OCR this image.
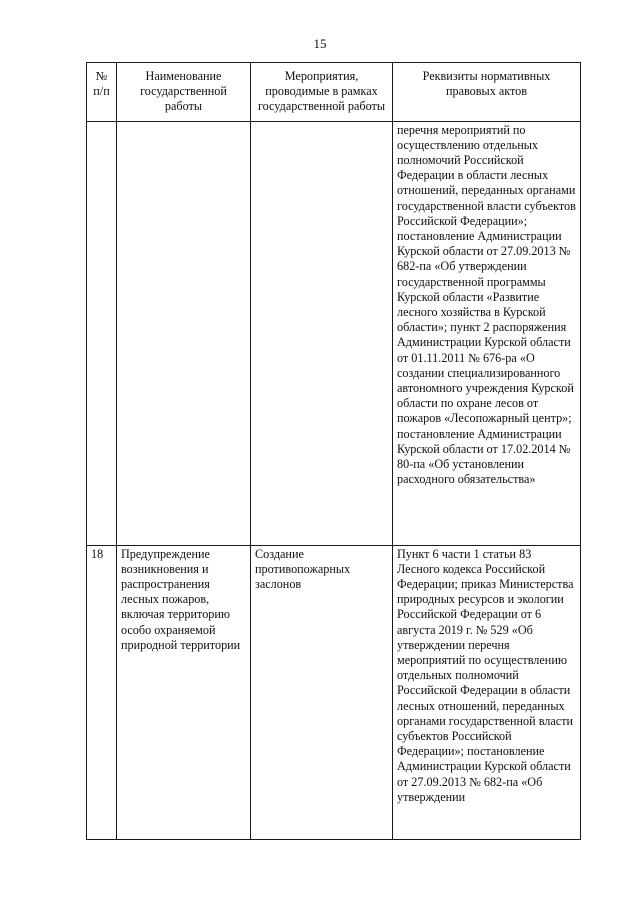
15
№ п/п	Наименование государственной работы	Мероприятия, проводимые в рамках государственной работы	Реквизиты нормативных правовых актов
			перечня мероприятий по осуществлению отдельных полномочий Российской Федерации в области лесных отношений, переданных органами государственной власти субъектов Российской Федерации»; постановление Администрации Курской области от 27.09.2013 № 682-па «Об утверждении государственной программы Курской области «Развитие лесного хозяйства в Курской области»; пункт 2 распоряжения Администрации Курской области от 01.11.2011 № 676-ра «О создании специализированного автономного учреждения Курской области по охране лесов от пожаров «Лесопожарный центр»; постановление Администрации Курской области от 17.02.2014 № 80-па «Об установлении расходного обязательства»
18	Предупреждение возникновения и распространения лесных пожаров, включая территорию особо охраняемой природной территории	Создание противопожарных заслонов	Пункт 6 части 1 статьи 83 Лесного кодекса Российской Федерации; приказ Министерства природных ресурсов и экологии Российской Федерации от 6 августа 2019 г. № 529 «Об утверждении перечня мероприятий по осуществлению отдельных полномочий Российской Федерации в области лесных отношений, переданных органами государственной власти субъектов Российской Федерации»; постановление Администрации Курской области от 27.09.2013 № 682-па «Об утверждении
